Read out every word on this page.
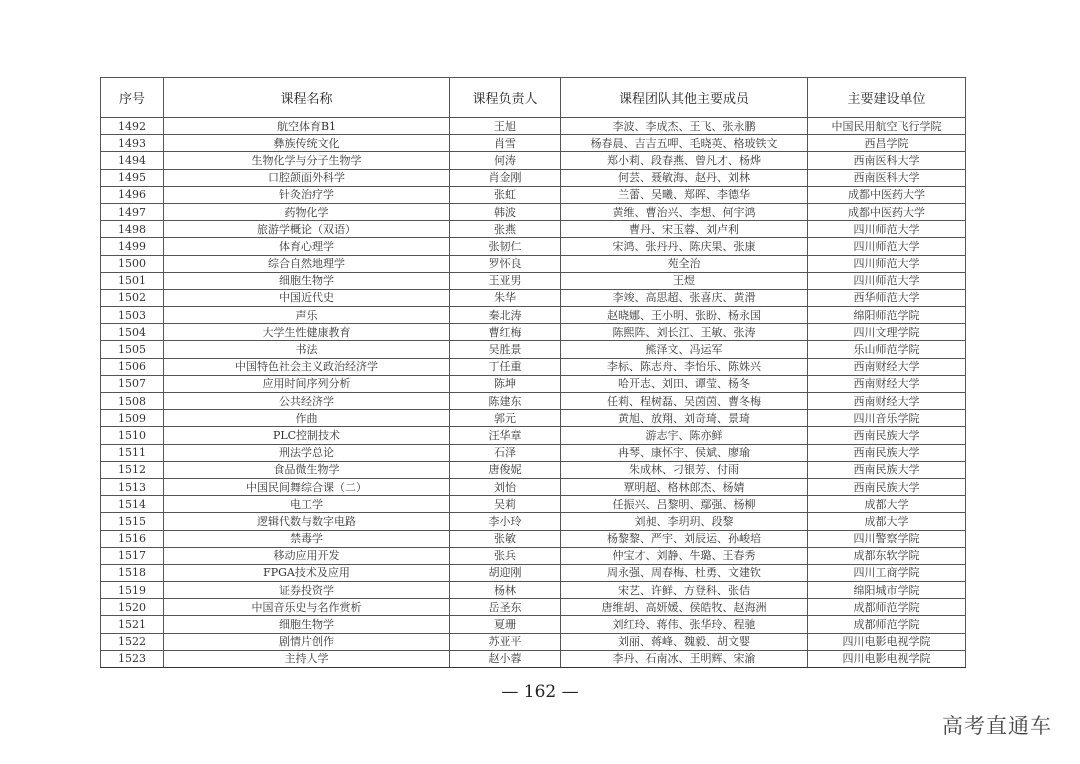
序号	课程名称	课程负责人	课程团队其他主要成员	主要建设单位
1492	航空体育B1	王旭	李波、李成杰、王飞、张永鹏	中国民用航空飞行学院
1493	彝族传统文化	肖雪	杨春晨、吉吉五呷、毛晓英、格玻铁文	西昌学院
1494	生物化学与分子生物学	何涛	郑小莉、段春燕、曾凡才、杨烨	西南医科大学
1495	口腔颌面外科学	肖金刚	何芸、聂敏海、赵丹、刘林	西南医科大学
1496	针灸治疗学	张虹	兰蕾、吴曦、郑晖、李德华	成都中医药大学
1497	药物化学	韩波	黄维、曹治兴、李想、何宇鸿	成都中医药大学
1498	旅游学概论（双语）	张燕	曹丹、宋玉蓉、刘卢利	四川师范大学
1499	体育心理学	张韧仁	宋鸿、张丹丹、陈庆果、张康	四川师范大学
1500	综合自然地理学	罗怀良	苑全治	四川师范大学
1501	细胞生物学	王亚男	王煜	四川师范大学
1502	中国近代史	朱华	李竣、高思超、张喜庆、黄滑	西华师范大学
1503	声乐	秦北涛	赵晓娜、王小明、张盼、杨永国	绵阳师范学院
1504	大学生性健康教育	曹红梅	陈熙阵、刘长江、王敏、张涛	四川文理学院
1505	书法	吴胜景	熊泽文、冯运军	乐山师范学院
1506	中国特色社会主义政治经济学	丁任重	李标、陈志舟、李怡乐、陈姝兴	西南财经大学
1507	应用时间序列分析	陈坤	哈开志、刘田、谭莹、杨冬	西南财经大学
1508	公共经济学	陈建东	任莉、程树磊、吴茵茵、曹冬梅	西南财经大学
1509	作曲	郭元	黄旭、放翔、刘奇琦、景琦	四川音乐学院
1510	PLC控制技术	汪华章	游志宇、陈亦鲜	西南民族大学
1511	刑法学总论	石泽	冉琴、康怀宇、侯斌、廖瑜	西南民族大学
1512	食品微生物学	唐俊妮	朱成林、刁银芳、付雨	西南民族大学
1513	中国民间舞综合课（二）	刘怡	覃明超、格林郎杰、杨婧	西南民族大学
1514	电工学	吴莉	任振兴、吕黎明、鄢强、杨柳	成都大学
1515	逻辑代数与数字电路	李小玲	刘昶、李玥玥、段黎	成都大学
1516	禁毒学	张敏	杨黎黎、严宇、刘辰运、孙峻培	四川警察学院
1517	移动应用开发	张兵	仲宝才、刘静、牛璐、王春秀	成都东软学院
1518	FPGA技术及应用	胡迎刚	周永强、周春梅、杜勇、文建钦	四川工商学院
1519	证券投资学	杨林	宋艺、许鲜、方登科、张佶	绵阳城市学院
1520	中国音乐史与名作赏析	岳圣东	唐维胡、高妍媛、侯皓牧、赵海洲	成都师范学院
1521	细胞生物学	夏珊	刘红玲、蒋伟、张华玲、程驰	成都师范学院
1522	剧情片创作	苏亚平	刘丽、蒋峰、魏毅、胡文婴	四川电影电视学院
1523	主持人学	赵小蓉	李丹、石南冰、王明辉、宋渝	四川电影电视学院
— 162 —
高考直通车
